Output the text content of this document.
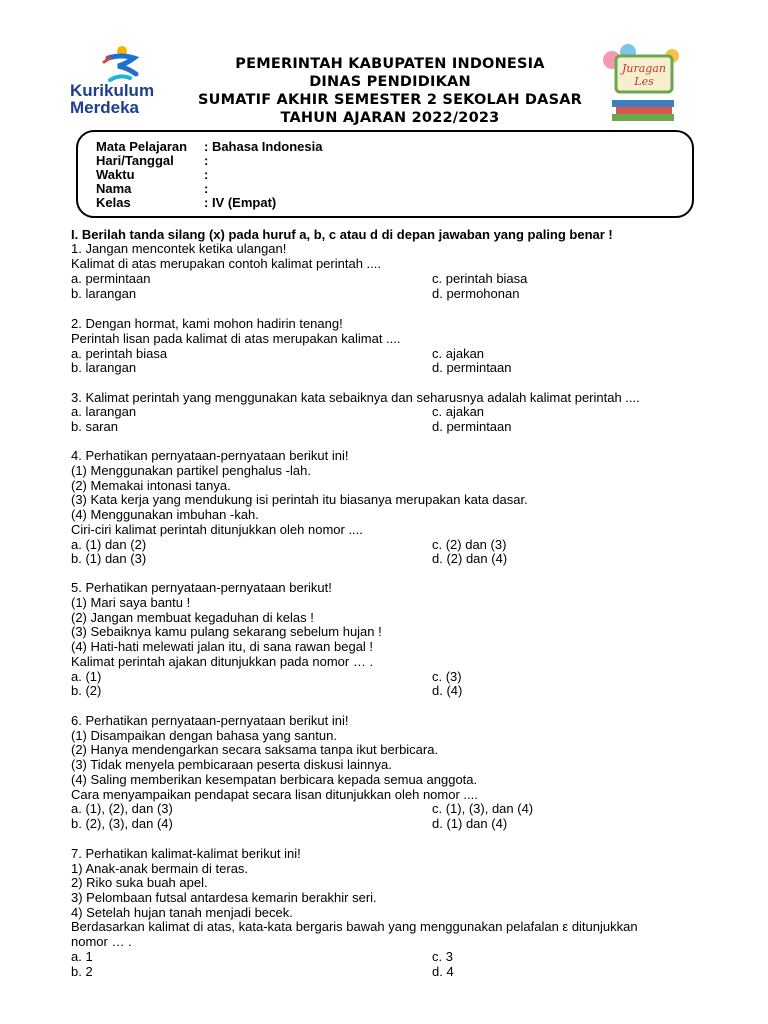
Kurikulum
Merdeka
Juragan
Les
PEMERINTAH KABUPATEN INDONESIA
DINAS PENDIDIKAN
SUMATIF AKHIR SEMESTER 2 SEKOLAH DASAR
TAHUN AJARAN 2022/2023
Mata Pelajaran : Bahasa Indonesia
Hari/Tanggal :
Waktu	:
Nama	:
Kelas	: IV (Empat)
I. Berilah tanda silang (x) pada huruf a, b, c atau d di depan jawaban yang paling benar !
1. Jangan mencontek ketika ulangan!
Kalimat di atas merupakan contoh kalimat perintah ....
a. permintaan	c. perintah biasa
b. larangan	d. permohonan
2. Dengan hormat, kami mohon hadirin tenang!
Perintah lisan pada kalimat di atas merupakan kalimat ....
a. perintah biasa	c. ajakan
b. larangan	d. permintaan
3. Kalimat perintah yang menggunakan kata sebaiknya dan seharusnya adalah kalimat perintah ....
a. larangan	c. ajakan
b. saran	d. permintaan
4. Perhatikan pernyataan-pernyataan berikut ini!
(1) Menggunakan partikel penghalus -lah.
(2) Memakai intonasi tanya.
(3) Kata kerja yang mendukung isi perintah itu biasanya merupakan kata dasar.
(4) Menggunakan imbuhan -kah.
Ciri-ciri kalimat perintah ditunjukkan oleh nomor ....
a. (1) dan (2)	c. (2) dan (3)
b. (1) dan (3)	d. (2) dan (4)
5. Perhatikan pernyataan-pernyataan berikut!
(1) Mari saya bantu !
(2) Jangan membuat kegaduhan di kelas !
(3) Sebaiknya kamu pulang sekarang sebelum hujan !
(4) Hati-hati melewati jalan itu, di sana rawan begal !
Kalimat perintah ajakan ditunjukkan pada nomor … .
a. (1)	c. (3)
b. (2)	d. (4)
6. Perhatikan pernyataan-pernyataan berikut ini!
(1) Disampaikan dengan bahasa yang santun.
(2) Hanya mendengarkan secara saksama tanpa ikut berbicara.
(3) Tidak menyela pembicaraan peserta diskusi lainnya.
(4) Saling memberikan kesempatan berbicara kepada semua anggota.
Cara menyampaikan pendapat secara lisan ditunjukkan oleh nomor ....
a. (1), (2), dan (3)	c. (1), (3), dan (4)
b. (2), (3), dan (4)	d. (1) dan (4)
7. Perhatikan kalimat-kalimat berikut ini!
1) Anak-anak bermain di teras.
2) Riko suka buah apel.
3) Pelombaan futsal antardesa kemarin berakhir seri.
4) Setelah hujan tanah menjadi becek.
Berdasarkan kalimat di atas, kata-kata bergaris bawah yang menggunakan pelafalan ε ditunjukkan
nomor … .
a. 1	c. 3
b. 2	d. 4
